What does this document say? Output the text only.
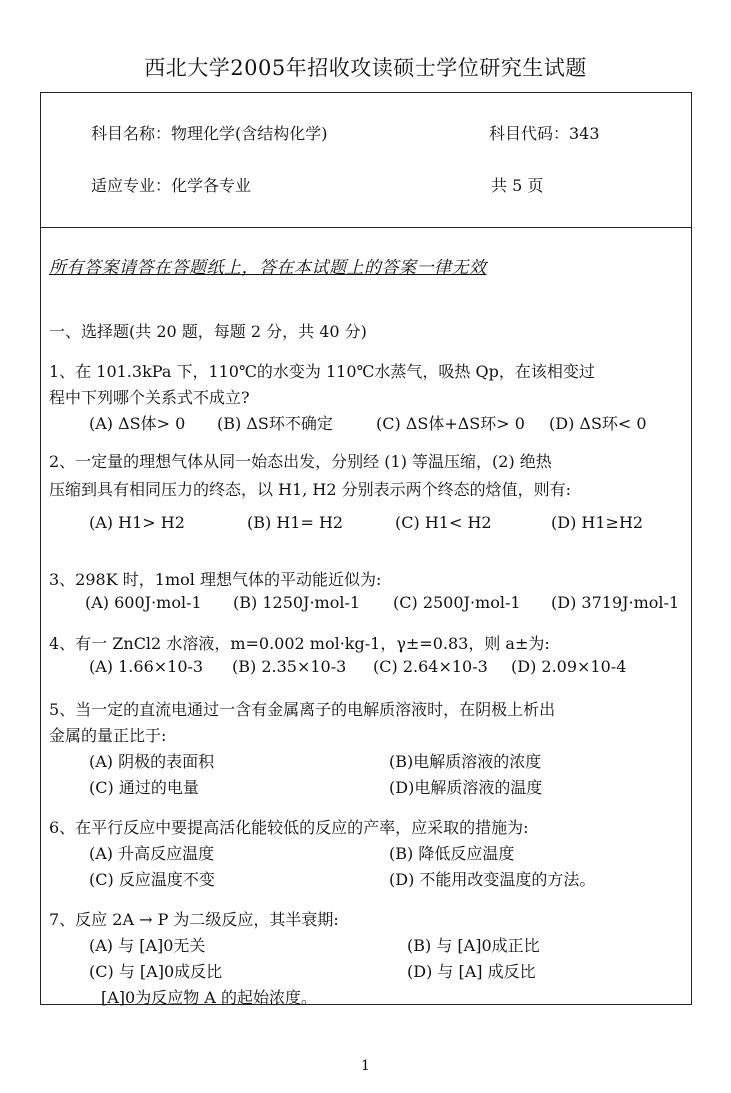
西北大学2005年招收攻读硕士学位研究生试题
科目名称：物理化学(含结构化学)	科目代码：343
适应专业：化学各专业	共 5 页
所有答案请答在答题纸上，答在本试题上的答案一律无效
一、选择题(共 20 题，每题 2 分，共 40 分)
1、在 101.3kPa 下，110℃的水变为 110℃水蒸气，吸热 Qp，在该相变过
程中下列哪个关系式不成立?
(A) ΔS体> 0 (B) ΔS环不确定	(C) ΔS体+ΔS环> 0 (D) ΔS环< 0
2、一定量的理想气体从同一始态出发，分别经 (1) 等温压缩，(2) 绝热
压缩到具有相同压力的终态，以 H1, H2 分别表示两个终态的焓值，则有:
(A) H1> H2	(B) H1= H2	(C) H1< H2	(D) H1≥H2
3、298K 时，1mol 理想气体的平动能近似为:
(A) 600J·mol-1 (B) 1250J·mol-1 (C) 2500J·mol-1 (D) 3719J·mol-1
4、有一 ZnCl2 水溶液，m=0.002 mol·kg-1，γ±=0.83，则 a±为:
(A) 1.66×10-3 (B) 2.35×10-3 (C) 2.64×10-3 (D) 2.09×10-4
5、当一定的直流电通过一含有金属离子的电解质溶液时，在阴极上析出
金属的量正比于:
(A) 阴极的表面积	(B)电解质溶液的浓度
(C) 通过的电量	(D)电解质溶液的温度
6、在平行反应中要提高活化能较低的反应的产率，应采取的措施为:
(A) 升高反应温度	(B) 降低反应温度
(C) 反应温度不变	(D) 不能用改变温度的方法。
7、反应 2A → P 为二级反应，其半衰期:
(A) 与 [A]0无关	(B) 与 [A]0成正比
(C) 与 [A]0成反比	(D) 与 [A] 成反比
[A]0为反应物 A 的起始浓度。
1
